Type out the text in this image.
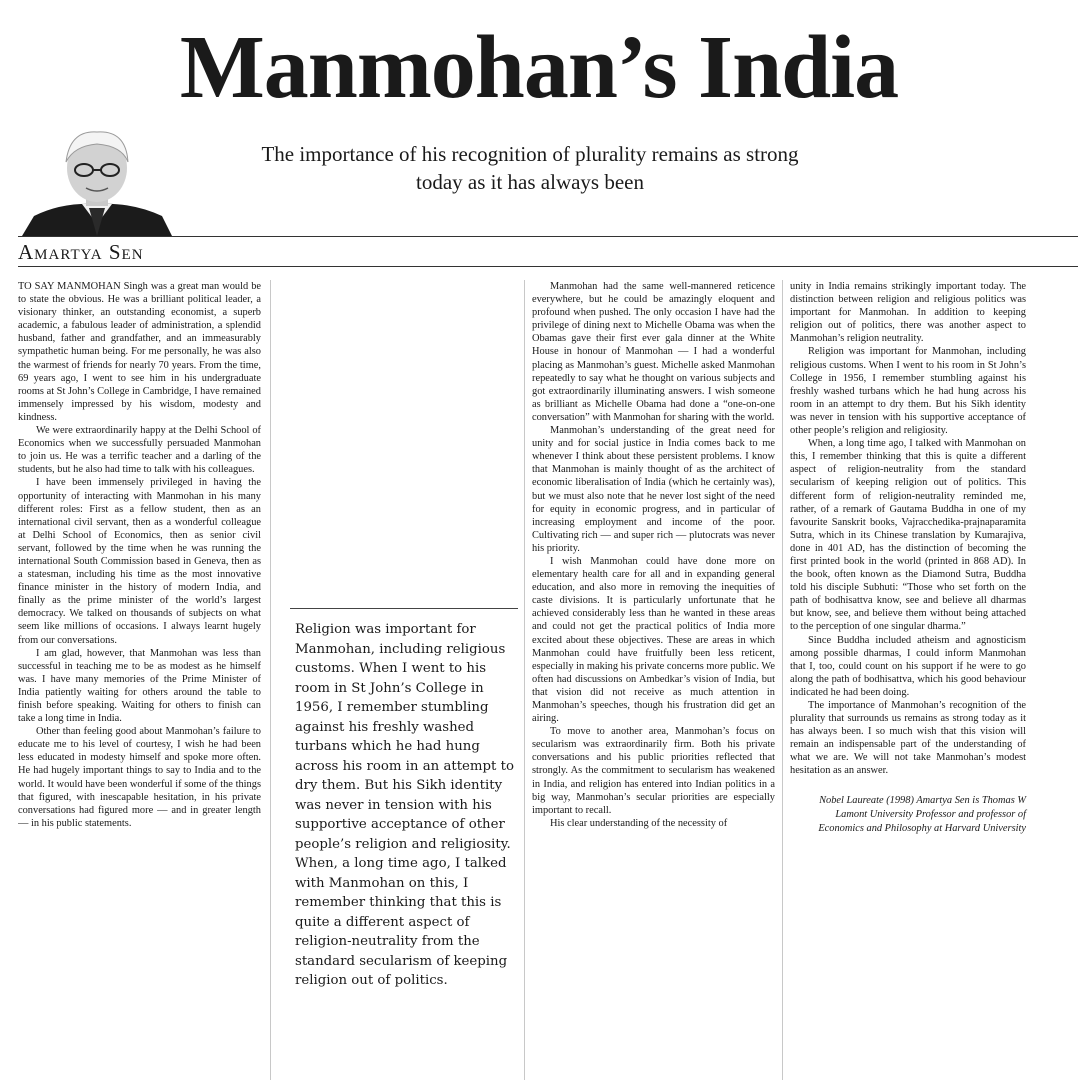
Manmohan’s India

The importance of his recognition of plurality remains as strong today as it has always been

Amartya Sen

TO SAY MANMOHAN Singh was a great man would be to state the obvious. He was a brilliant political leader, a visionary thinker, an outstanding economist, a superb academic, a fabulous leader of administration, a splendid husband, father and grandfather, and an immeasurably sympathetic human being. For me personally, he was also the warmest of friends for nearly 70 years. From the time, 69 years ago, I went to see him in his undergraduate rooms at St John’s College in Cambridge, I have remained immensely impressed by his wisdom, modesty and kindness.

We were extraordinarily happy at the Delhi School of Economics when we successfully persuaded Manmohan to join us. He was a terrific teacher and a darling of the students, but he also had time to talk with his colleagues.

I have been immensely privileged in having the opportunity of interacting with Manmohan in his many different roles: First as a fellow student, then as an international civil servant, then as a wonderful colleague at Delhi School of Economics, then as senior civil servant, followed by the time when he was running the international South Commission based in Geneva, then as a statesman, including his time as the most innovative finance minister in the history of modern India, and finally as the prime minister of the world’s largest democracy. We talked on thousands of subjects on what seem like millions of occasions. I always learnt hugely from our conversations.

I am glad, however, that Manmohan was less than successful in teaching me to be as modest as he himself was. I have many memories of the Prime Minister of India patiently waiting for others around the table to finish before speaking. Waiting for others to finish can take a long time in India.

Other than feeling good about Manmohan’s failure to educate me to his level of courtesy, I wish he had been less educated in modesty himself and spoke more often. He had hugely important things to say to India and to the world. It would have been wonderful if some of the things that figured, with inescapable hesitation, in his private conversations had figured more — and in greater length — in his public statements.

Religion was important for Manmohan, including religious customs. When I went to his room in St John’s College in 1956, I remember stumbling against his freshly washed turbans which he had hung across his room in an attempt to dry them. But his Sikh identity was never in tension with his supportive acceptance of other people’s religion and religiosity. When, a long time ago, I talked with Manmohan on this, I remember thinking that this is quite a different aspect of religion-neutrality from the standard secularism of keeping religion out of politics.

Manmohan had the same well-mannered reticence everywhere, but he could be amazingly eloquent and profound when pushed. The only occasion I have had the privilege of dining next to Michelle Obama was when the Obamas gave their first ever gala dinner at the White House in honour of Manmohan — I had a wonderful placing as Manmohan’s guest. Michelle asked Manmohan repeatedly to say what he thought on various subjects and got extraordinarily illuminating answers. I wish someone as brilliant as Michelle Obama had done a “one-on-one conversation” with Manmohan for sharing with the world.

Manmohan’s understanding of the great need for unity and for social justice in India comes back to me whenever I think about these persistent problems. I know that Manmohan is mainly thought of as the architect of economic liberalisation of India (which he certainly was), but we must also note that he never lost sight of the need for equity in economic progress, and in particular of increasing employment and income of the poor. Cultivating rich — and super rich — plutocrats was never his priority.

I wish Manmohan could have done more on elementary health care for all and in expanding general education, and also more in removing the inequities of caste divisions. It is particularly unfortunate that he achieved considerably less than he wanted in these areas and could not get the practical politics of India more excited about these objectives. These are areas in which Manmohan could have fruitfully been less reticent, especially in making his private concerns more public. We often had discussions on Ambedkar’s vision of India, but that vision did not receive as much attention in Manmohan’s speeches, though his frustration did get an airing.

To move to another area, Manmohan’s focus on secularism was extraordinarily firm. Both his private conversations and his public priorities reflected that strongly. As the commitment to secularism has weakened in India, and religion has entered into Indian politics in a big way, Manmohan’s secular priorities are especially important to recall.

His clear understanding of the necessity of

unity in India remains strikingly important today. The distinction between religion and religious politics was important for Manmohan. In addition to keeping religion out of politics, there was another aspect to Manmohan’s religion neutrality.

Religion was important for Manmohan, including religious customs. When I went to his room in St John’s College in 1956, I remember stumbling against his freshly washed turbans which he had hung across his room in an attempt to dry them. But his Sikh identity was never in tension with his supportive acceptance of other people’s religion and religiosity.

When, a long time ago, I talked with Manmohan on this, I remember thinking that this is quite a different aspect of religion-neutrality from the standard secularism of keeping religion out of politics. This different form of religion-neutrality reminded me, rather, of a remark of Gautama Buddha in one of my favourite Sanskrit books, Vajracchedika-prajnaparamita Sutra, which in its Chinese translation by Kumarajiva, done in 401 AD, has the distinction of becoming the first printed book in the world (printed in 868 AD). In the book, often known as the Diamond Sutra, Buddha told his disciple Subhuti: “Those who set forth on the path of bodhisattva know, see and believe all dharmas but know, see, and believe them without being attached to the perception of one singular dharma.”

Since Buddha included atheism and agnosticism among possible dharmas, I could inform Manmohan that I, too, could count on his support if he were to go along the path of bodhisattva, which his good behaviour indicated he had been doing.

The importance of Manmohan’s recognition of the plurality that surrounds us remains as strong today as it has always been. I so much wish that this vision will remain an indispensable part of the understanding of what we are. We will not take Manmohan’s modest hesitation as an answer.

Nobel Laureate (1998) Amartya Sen is Thomas W Lamont University Professor and professor of Economics and Philosophy at Harvard University
